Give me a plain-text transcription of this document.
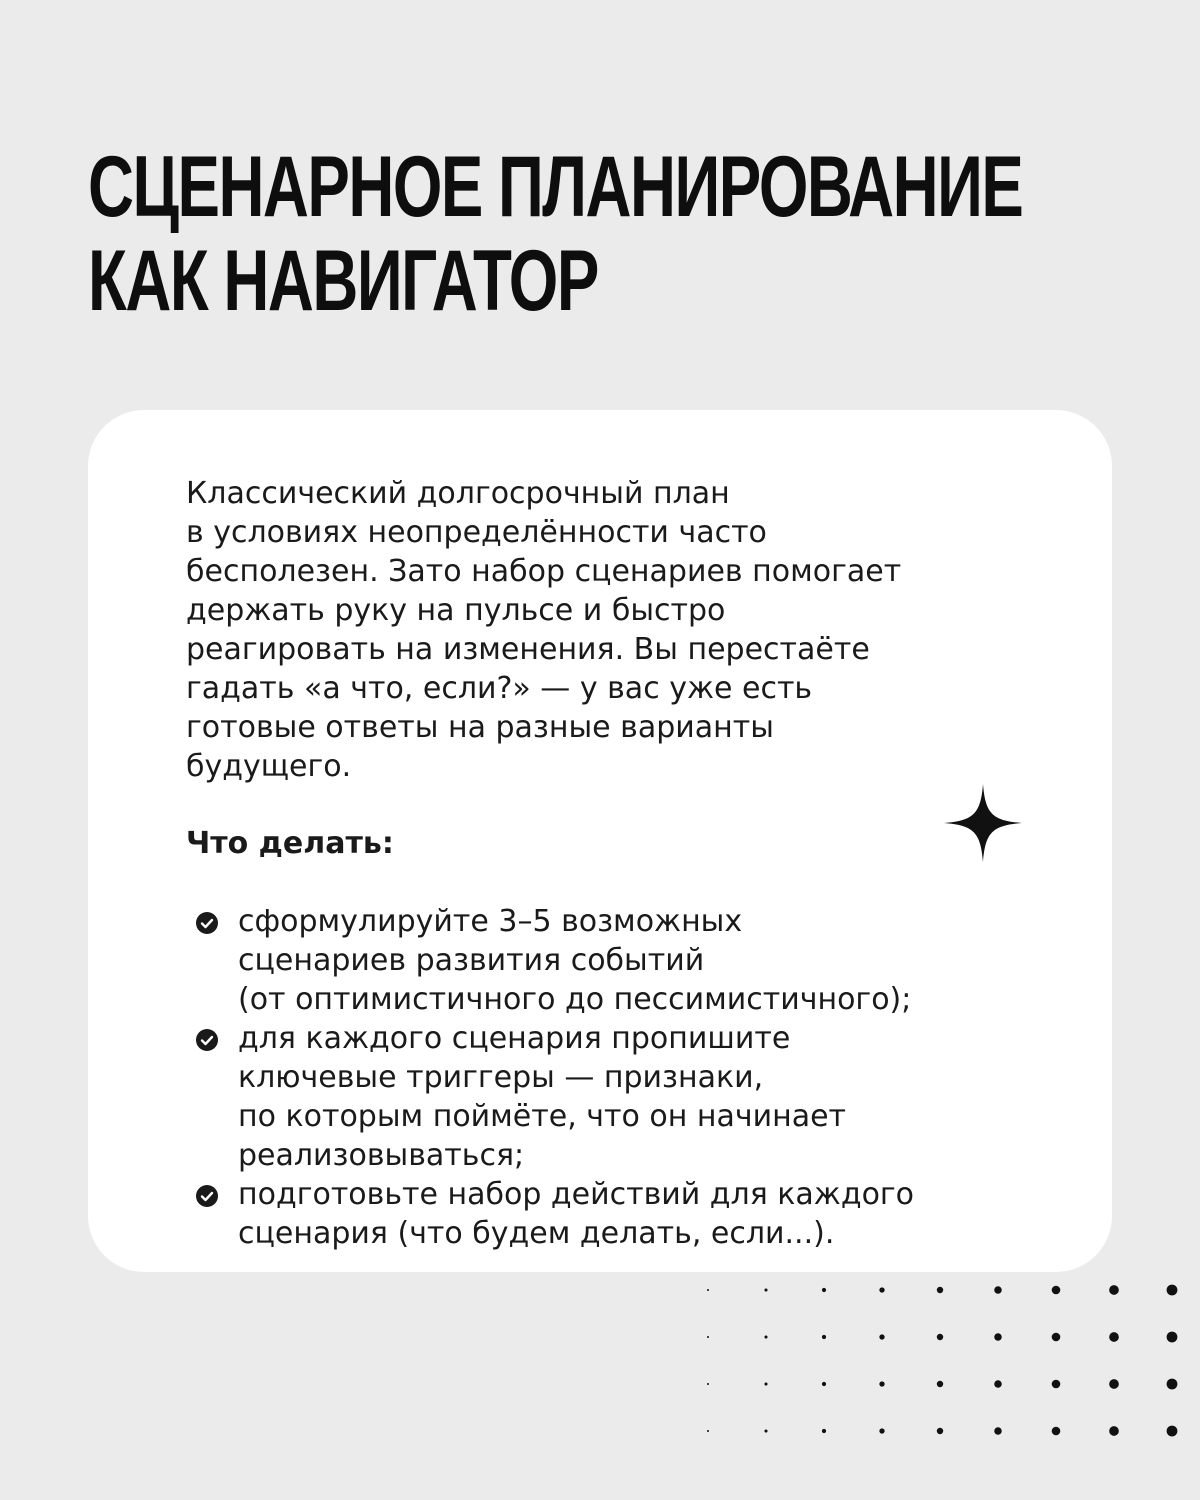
СЦЕНАРНОЕ ПЛАНИРОВАНИЕ
КАК НАВИГАТОР
Классический долгосрочный план
в условиях неопределённости часто
бесполезен. Зато набор сценариев помогает
держать руку на пульсе и быстро
реагировать на изменения. Вы перестаёте
гадать «а что, если?» — у вас уже есть
готовые ответы на разные варианты
будущего.
Что делать:
сформулируйте 3–5 возможных
сценариев развития событий
(от оптимистичного до пессимистичного);
для каждого сценария пропишите
ключевые триггеры — признаки,
по которым поймёте, что он начинает
реализовываться;
подготовьте набор действий для каждого
сценария (что будем делать, если...).
